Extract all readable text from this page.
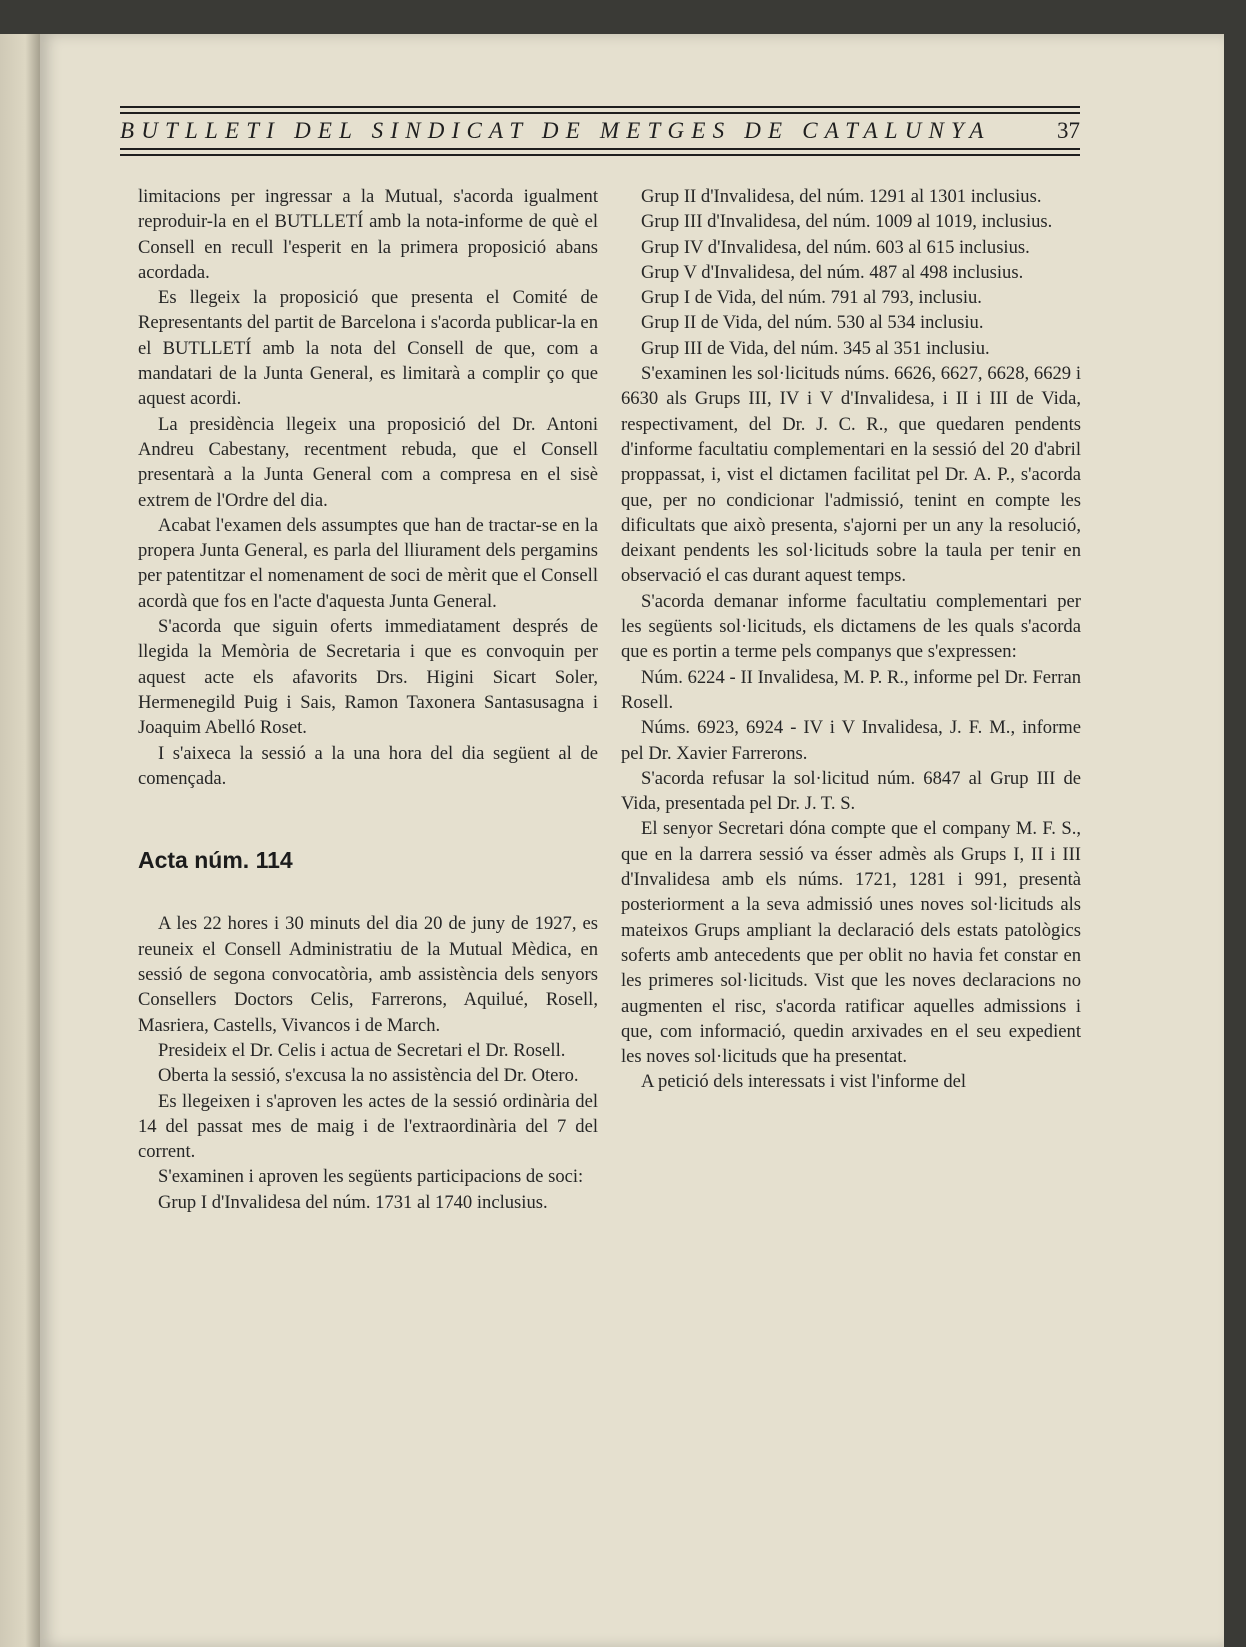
BUTLLETI DEL SINDICAT DE METGES DE CATALUNYA	37

limitacions per ingressar a la Mutual, s'acorda igualment reproduir-la en el BUTLLETÍ amb la nota-informe de què el Consell en recull l'esperit en la primera proposició abans acordada.

Es llegeix la proposició que presenta el Comité de Representants del partit de Barcelona i s'acorda publicar-la en el BUTLLETÍ amb la nota del Consell de que, com a mandatari de la Junta General, es limitarà a complir ço que aquest acordi.

La presidència llegeix una proposició del Dr. Antoni Andreu Cabestany, recentment rebuda, que el Consell presentarà a la Junta General com a compresa en el sisè extrem de l'Ordre del dia.

Acabat l'examen dels assumptes que han de tractar-se en la propera Junta General, es parla del lliurament dels pergamins per patentitzar el nomenament de soci de mèrit que el Consell acordà que fos en l'acte d'aquesta Junta General.

S'acorda que siguin oferts immediatament després de llegida la Memòria de Secretaria i que es convoquin per aquest acte els afavorits Drs. Higini Sicart Soler, Hermenegild Puig i Sais, Ramon Taxonera Santasusagna i Joaquim Abelló Roset.

I s'aixeca la sessió a la una hora del dia següent al de començada.

Acta núm. 114

A les 22 hores i 30 minuts del dia 20 de juny de 1927, es reuneix el Consell Administratiu de la Mutual Mèdica, en sessió de segona convocatòria, amb assistència dels senyors Consellers Doctors Celis, Farrerons, Aquilué, Rosell, Masriera, Castells, Vivancos i de March.

Presideix el Dr. Celis i actua de Secretari el Dr. Rosell.

Oberta la sessió, s'excusa la no assistència del Dr. Otero.

Es llegeixen i s'aproven les actes de la sessió ordinària del 14 del passat mes de maig i de l'extraordinària del 7 del corrent.

S'examinen i aproven les següents participacions de soci:

Grup I d'Invalidesa del núm. 1731 al 1740 inclusius.

Grup II d'Invalidesa, del núm. 1291 al 1301 inclusius.

Grup III d'Invalidesa, del núm. 1009 al 1019, inclusius.

Grup IV d'Invalidesa, del núm. 603 al 615 inclusius.

Grup V d'Invalidesa, del núm. 487 al 498 inclusius.

Grup I de Vida, del núm. 791 al 793, inclusiu.

Grup II de Vida, del núm. 530 al 534 inclusiu.

Grup III de Vida, del núm. 345 al 351 inclusiu.

S'examinen les sol·licituds núms. 6626, 6627, 6628, 6629 i 6630 als Grups III, IV i V d'Invalidesa, i II i III de Vida, respectivament, del Dr. J. C. R., que quedaren pendents d'informe facultatiu complementari en la sessió del 20 d'abril proppassat, i, vist el dictamen facilitat pel Dr. A. P., s'acorda que, per no condicionar l'admissió, tenint en compte les dificultats que això presenta, s'ajorni per un any la resolució, deixant pendents les sol·licituds sobre la taula per tenir en observació el cas durant aquest temps.

S'acorda demanar informe facultatiu complementari per les següents sol·licituds, els dictamens de les quals s'acorda que es portin a terme pels companys que s'expressen:

Núm. 6224 - II Invalidesa, M. P. R., informe pel Dr. Ferran Rosell.

Núms. 6923, 6924 - IV i V Invalidesa, J. F. M., informe pel Dr. Xavier Farrerons.

S'acorda refusar la sol·licitud núm. 6847 al Grup III de Vida, presentada pel Dr. J. T. S.

El senyor Secretari dóna compte que el company M. F. S., que en la darrera sessió va ésser admès als Grups I, II i III d'Invalidesa amb els núms. 1721, 1281 i 991, presentà posteriorment a la seva admissió unes noves sol·licituds als mateixos Grups ampliant la declaració dels estats patològics soferts amb antecedents que per oblit no havia fet constar en les primeres sol·licituds. Vist que les noves declaracions no augmenten el risc, s'acorda ratificar aquelles admissions i que, com informació, quedin arxivades en el seu expedient les noves sol·licituds que ha presentat.

A petició dels interessats i vist l'informe del
